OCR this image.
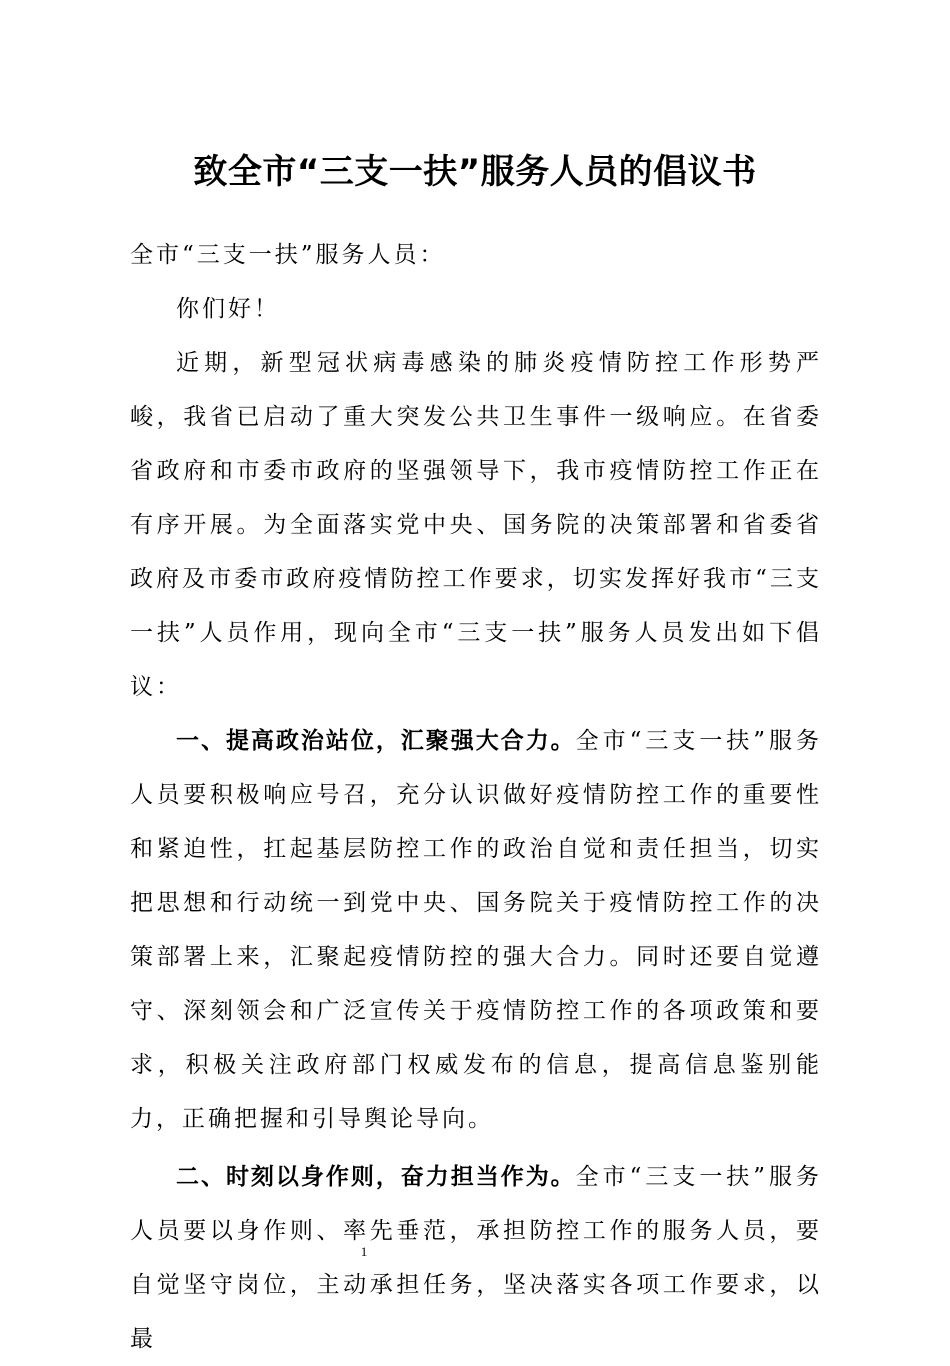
致全市“三支一扶”服务人员的倡议书

全市“三支一扶”服务人员：

你们好！

近期，新型冠状病毒感染的肺炎疫情防控工作形势严峻，我省已启动了重大突发公共卫生事件一级响应。在省委省政府和市委市政府的坚强领导下，我市疫情防控工作正在有序开展。为全面落实党中央、国务院的决策部署和省委省政府及市委市政府疫情防控工作要求，切实发挥好我市“三支一扶”人员作用，现向全市“三支一扶”服务人员发出如下倡议：

一、提高政治站位，汇聚强大合力。全市“三支一扶”服务人员要积极响应号召，充分认识做好疫情防控工作的重要性和紧迫性，扛起基层防控工作的政治自觉和责任担当，切实把思想和行动统一到党中央、国务院关于疫情防控工作的决策部署上来，汇聚起疫情防控的强大合力。同时还要自觉遵守、深刻领会和广泛宣传关于疫情防控工作的各项政策和要求，积极关注政府部门权威发布的信息，提高信息鉴别能力，正确把握和引导舆论导向。

二、时刻以身作则，奋力担当作为。全市“三支一扶”服务人员要以身作则、率先垂范，承担防控工作的服务人员，要自觉坚守岗位，主动承担任务，坚决落实各项工作要求，以最

1
